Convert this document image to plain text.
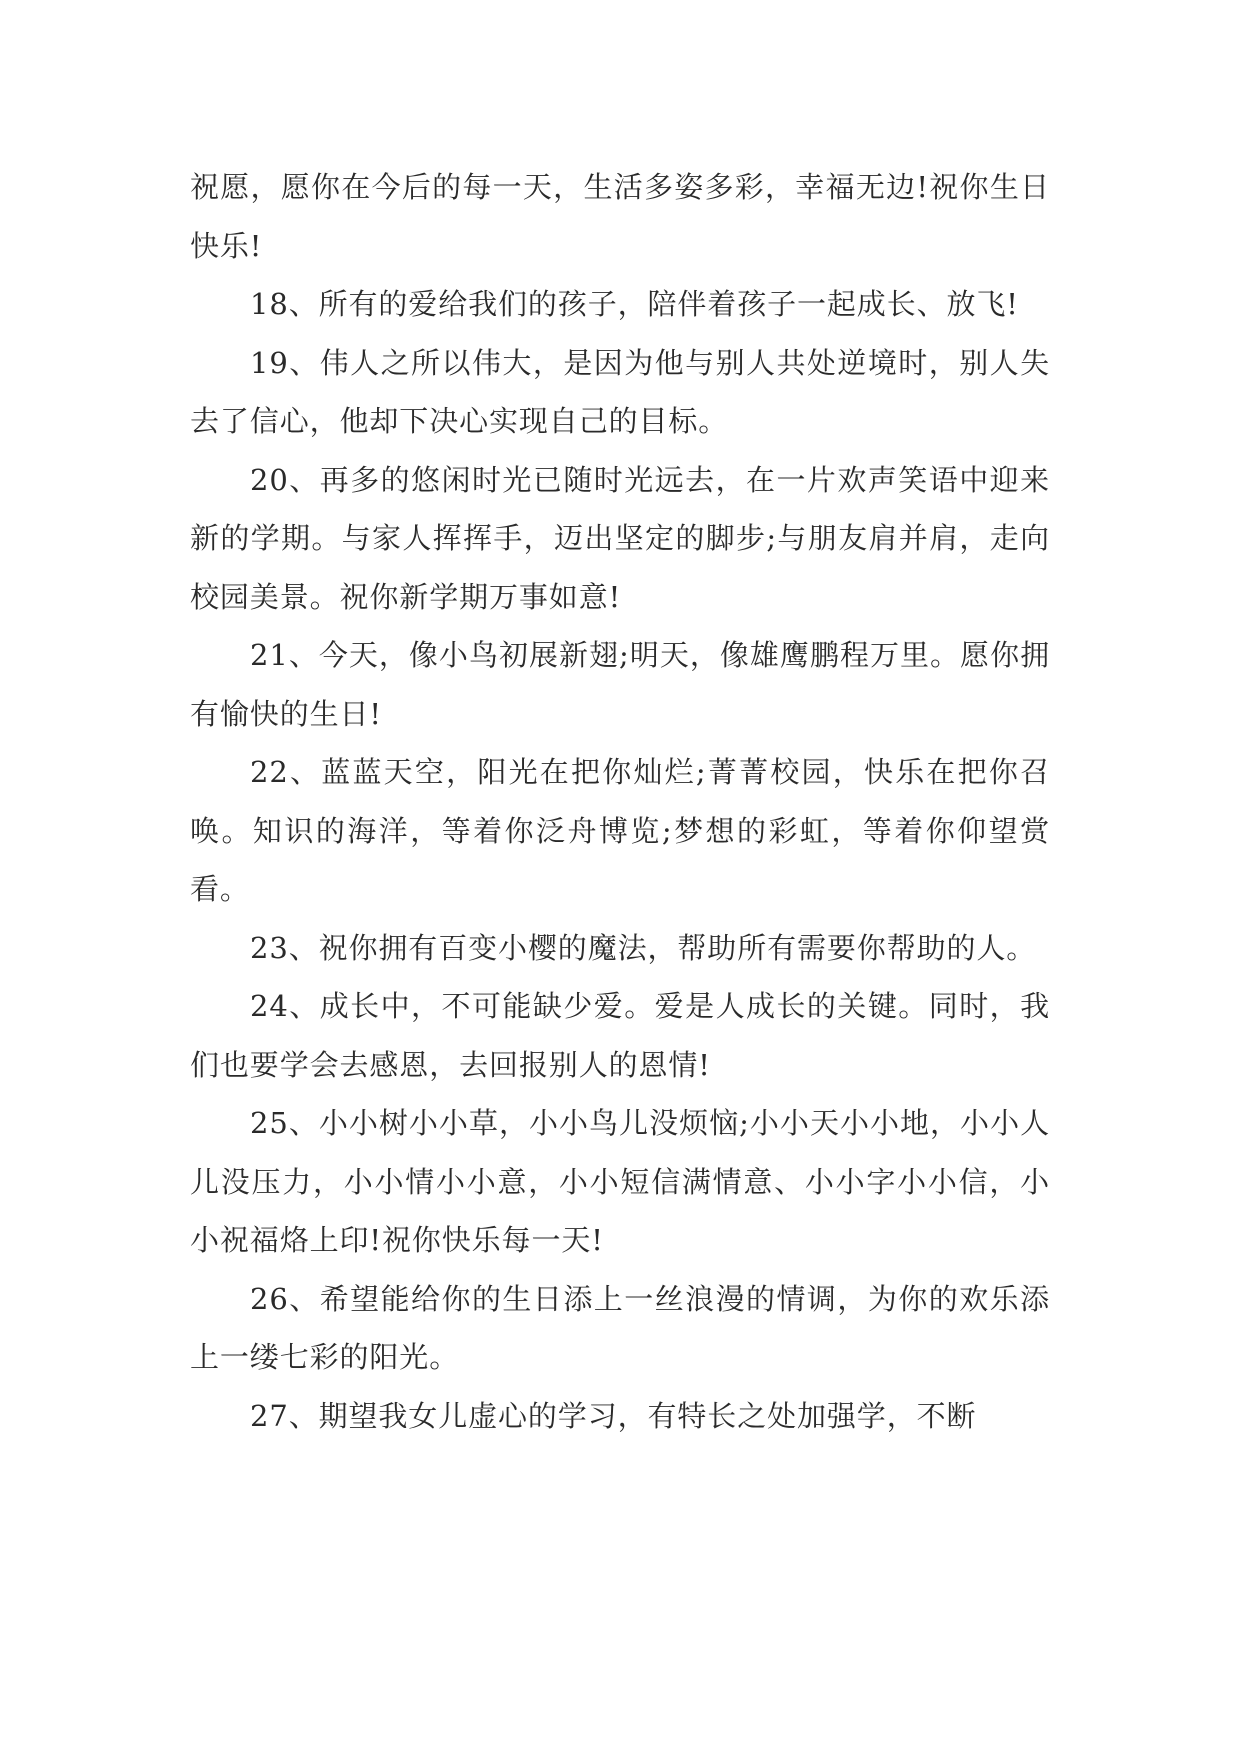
祝愿，愿你在今后的每一天，生活多姿多彩，幸福无边!祝你生日快乐!

18、所有的爱给我们的孩子，陪伴着孩子一起成长、放飞!

19、伟人之所以伟大，是因为他与别人共处逆境时，别人失去了信心，他却下决心实现自己的目标。

20、再多的悠闲时光已随时光远去，在一片欢声笑语中迎来新的学期。与家人挥挥手，迈出坚定的脚步;与朋友肩并肩，走向校园美景。祝你新学期万事如意!

21、今天，像小鸟初展新翅;明天，像雄鹰鹏程万里。愿你拥有愉快的生日!

22、蓝蓝天空，阳光在把你灿烂;菁菁校园，快乐在把你召唤。知识的海洋，等着你泛舟博览;梦想的彩虹，等着你仰望赏看。

23、祝你拥有百变小樱的魔法，帮助所有需要你帮助的人。

24、成长中，不可能缺少爱。爱是人成长的关键。同时，我们也要学会去感恩，去回报别人的恩情!

25、小小树小小草，小小鸟儿没烦恼;小小天小小地，小小人儿没压力，小小情小小意，小小短信满情意、小小字小小信，小小祝福烙上印!祝你快乐每一天!

26、希望能给你的生日添上一丝浪漫的情调，为你的欢乐添上一缕七彩的阳光。

27、期望我女儿虚心的学习，有特长之处加强学，不断
